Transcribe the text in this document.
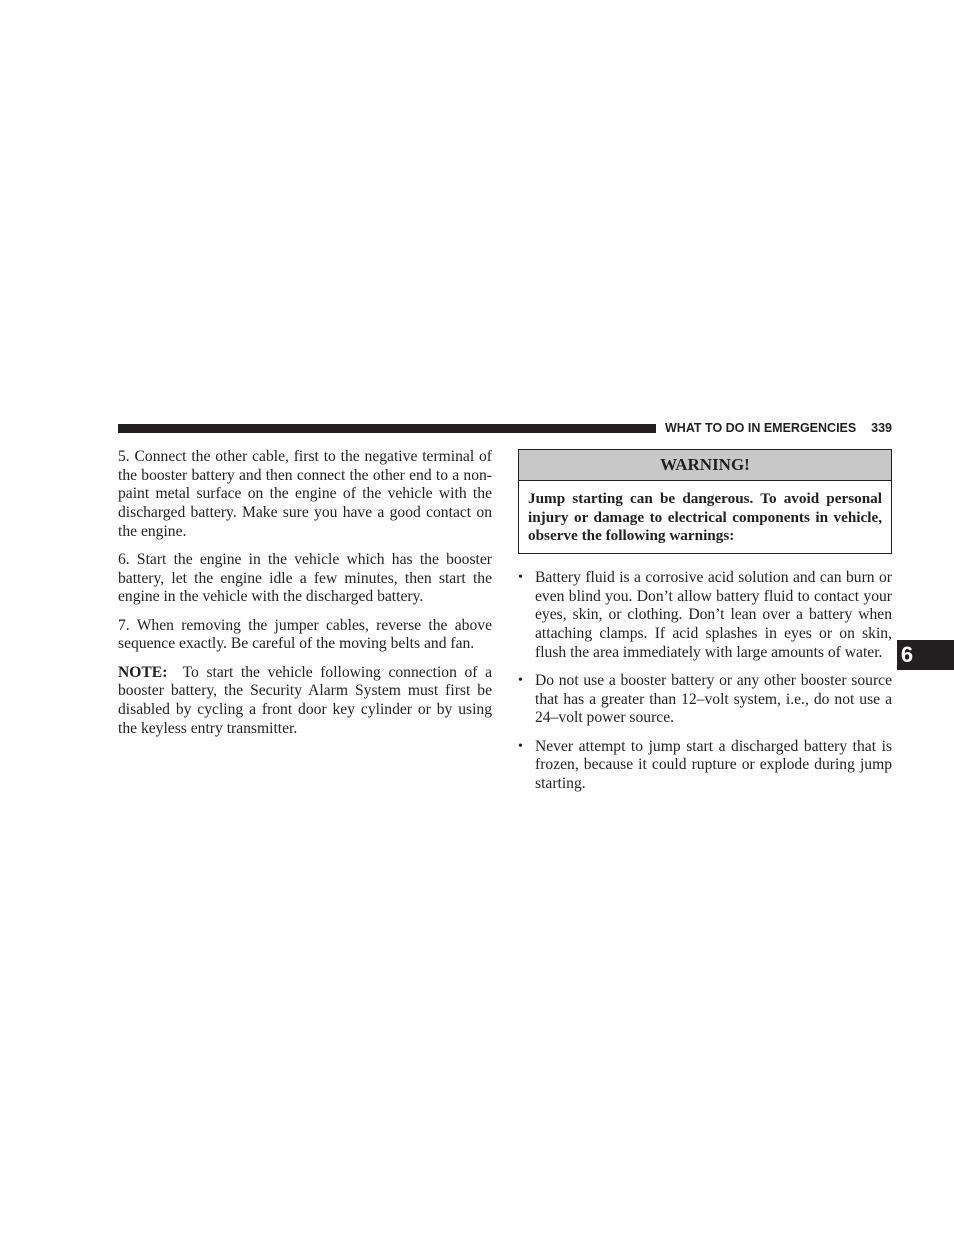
WHAT TO DO IN EMERGENCIES 339

5. Connect the other cable, first to the negative terminal of the booster battery and then connect the other end to a non-paint metal surface on the engine of the vehicle with the discharged battery. Make sure you have a good contact on the engine.

6. Start the engine in the vehicle which has the booster battery, let the engine idle a few minutes, then start the engine in the vehicle with the discharged battery.

7. When removing the jumper cables, reverse the above sequence exactly. Be careful of the moving belts and fan.

NOTE: To start the vehicle following connection of a booster battery, the Security Alarm System must first be disabled by cycling a front door key cylinder or by using the keyless entry transmitter.

WARNING!
Jump starting can be dangerous. To avoid personal injury or damage to electrical components in vehicle, observe the following warnings:
• Battery fluid is a corrosive acid solution and can burn or even blind you. Don’t allow battery fluid to contact your eyes, skin, or clothing. Don’t lean over a battery when attaching clamps. If acid splashes in eyes or on skin, flush the area immediately with large amounts of water.
• Do not use a booster battery or any other booster source that has a greater than 12–volt system, i.e., do not use a 24–volt power source.
• Never attempt to jump start a discharged battery that is frozen, because it could rupture or explode during jump starting.
6
